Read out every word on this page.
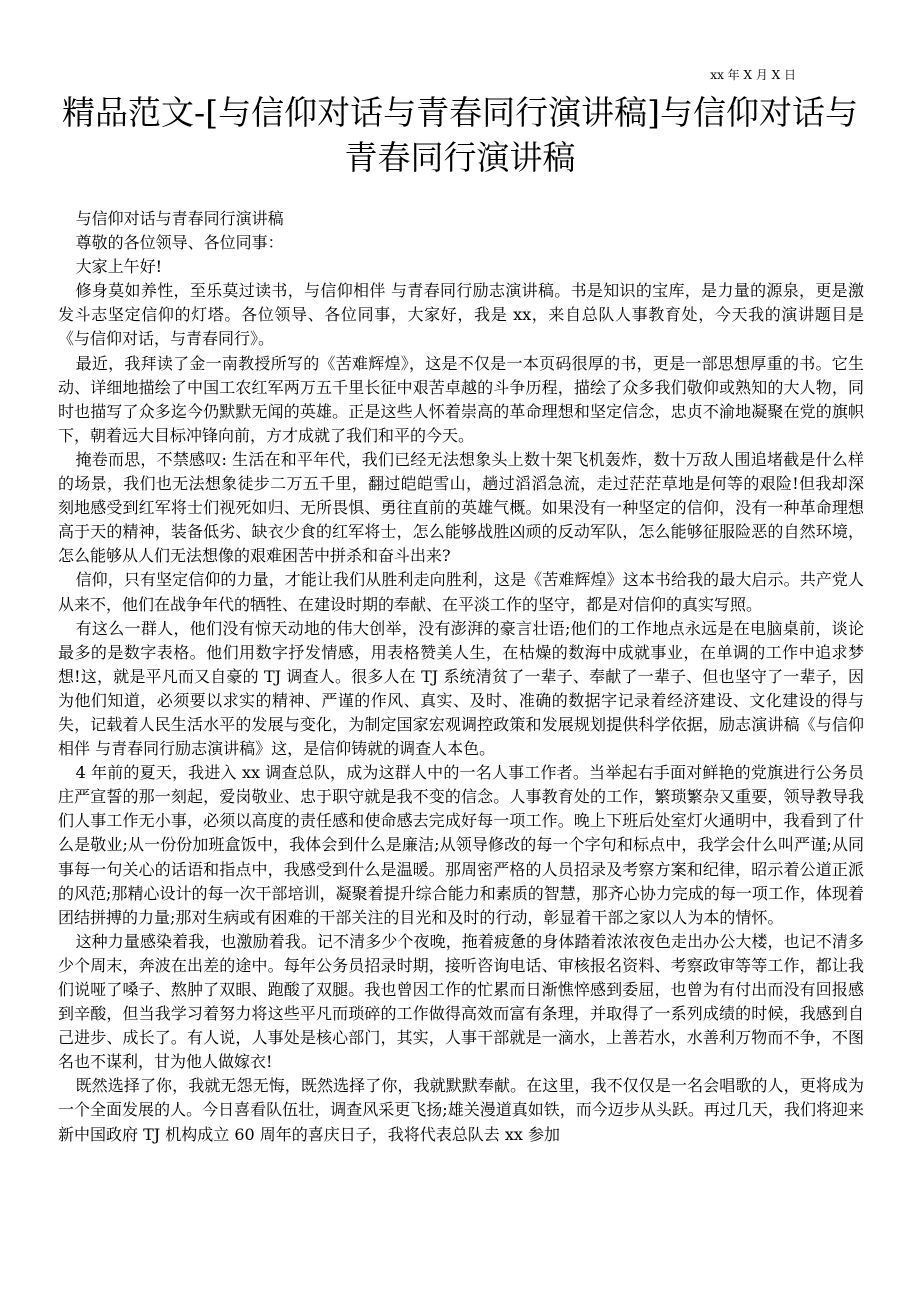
xx 年 X 月 X 日
精品范文-[与信仰对话与青春同行演讲稿]与信仰对话与青春同行演讲稿

与信仰对话与青春同行演讲稿

尊敬的各位领导、各位同事：

大家上午好!

修身莫如养性，至乐莫过读书，与信仰相伴 与青春同行励志演讲稿。书是知识的宝库，是力量的源泉，更是激发斗志坚定信仰的灯塔。各位领导、各位同事，大家好，我是 xx，来自总队人事教育处，今天我的演讲题目是《与信仰对话，与青春同行》。

最近，我拜读了金一南教授所写的《苦难辉煌》，这是不仅是一本页码很厚的书，更是一部思想厚重的书。它生动、详细地描绘了中国工农红军两万五千里长征中艰苦卓越的斗争历程，描绘了众多我们敬仰或熟知的大人物，同时也描写了众多迄今仍默默无闻的英雄。正是这些人怀着崇高的革命理想和坚定信念，忠贞不渝地凝聚在党的旗帜下，朝着远大目标冲锋向前，方才成就了我们和平的今天。

掩卷而思，不禁感叹: 生活在和平年代，我们已经无法想象头上数十架飞机轰炸，数十万敌人围追堵截是什么样的场景，我们也无法想象徒步二万五千里，翻过皑皑雪山，趟过滔滔急流，走过茫茫草地是何等的艰险!但我却深刻地感受到红军将士们视死如归、无所畏惧、勇往直前的英雄气概。如果没有一种坚定的信仰，没有一种革命理想高于天的精神，装备低劣、缺衣少食的红军将士，怎么能够战胜凶顽的反动军队，怎么能够征服险恶的自然环境，怎么能够从人们无法想像的艰难困苦中拼杀和奋斗出来?

信仰，只有坚定信仰的力量，才能让我们从胜利走向胜利，这是《苦难辉煌》这本书给我的最大启示。共产党人从来不，他们在战争年代的牺牲、在建设时期的奉献、在平淡工作的坚守，都是对信仰的真实写照。

有这么一群人，他们没有惊天动地的伟大创举，没有澎湃的豪言壮语;他们的工作地点永远是在电脑桌前，谈论最多的是数字表格。他们用数字抒发情感，用表格赞美人生，在枯燥的数海中成就事业，在单调的工作中追求梦想!这，就是平凡而又自豪的 TJ 调查人。很多人在 TJ 系统清贫了一辈子、奉献了一辈子、但也坚守了一辈子，因为他们知道，必须要以求实的精神、严谨的作风、真实、及时、准确的数据字记录着经济建设、文化建设的得与失，记载着人民生活水平的发展与变化，为制定国家宏观调控政策和发展规划提供科学依据，励志演讲稿《与信仰相伴 与青春同行励志演讲稿》这，是信仰铸就的调查人本色。

4 年前的夏天，我进入 xx 调查总队，成为这群人中的一名人事工作者。当举起右手面对鲜艳的党旗进行公务员庄严宣誓的那一刻起，爱岗敬业、忠于职守就是我不变的信念。人事教育处的工作，繁琐繁杂又重要，领导教导我们人事工作无小事，必须以高度的责任感和使命感去完成好每一项工作。晚上下班后处室灯火通明中，我看到了什么是敬业;从一份份加班盒饭中，我体会到什么是廉洁;从领导修改的每一个字句和标点中，我学会什么叫严谨;从同事每一句关心的话语和指点中，我感受到什么是温暖。那周密严格的人员招录及考察方案和纪律，昭示着公道正派的风范;那精心设计的每一次干部培训，凝聚着提升综合能力和素质的智慧，那齐心协力完成的每一项工作，体现着团结拼搏的力量;那对生病或有困难的干部关注的目光和及时的行动，彰显着干部之家以人为本的情怀。

这种力量感染着我，也激励着我。记不清多少个夜晚，拖着疲惫的身体踏着浓浓夜色走出办公大楼，也记不清多少个周末，奔波在出差的途中。每年公务员招录时期，接听咨询电话、审核报名资料、考察政审等等工作，都让我们说哑了嗓子、熬肿了双眼、跑酸了双腿。我也曾因工作的忙累而日渐憔悴感到委屈，也曾为有付出而没有回报感到辛酸，但当我学习着努力将这些平凡而琐碎的工作做得高效而富有条理，并取得了一系列成绩的时候，我感到自己进步、成长了。有人说，人事处是核心部门，其实，人事干部就是一滴水，上善若水，水善利万物而不争，不图名也不谋利，甘为他人做嫁衣!

既然选择了你，我就无怨无悔，既然选择了你，我就默默奉献。在这里，我不仅仅是一名会唱歌的人，更将成为一个全面发展的人。今日喜看队伍壮，调查风采更飞扬;雄关漫道真如铁，而今迈步从头跃。再过几天，我们将迎来新中国政府 TJ 机构成立 60 周年的喜庆日子，我将代表总队去 xx 参加
